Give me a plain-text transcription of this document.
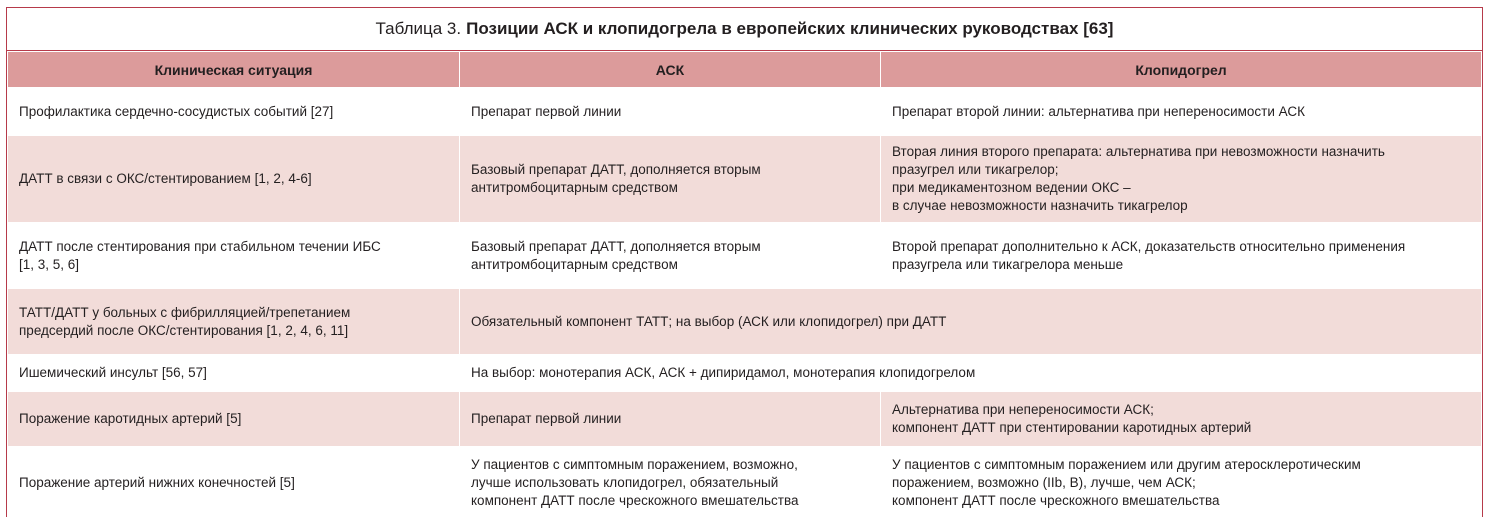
Таблица 3. Позиции АСК и клопидогрела в европейских клинических руководствах [63]
Клиническая ситуация	АСК	Клопидогрел

Профилактика сердечно-сосудистых событий [27]	Препарат первой линии	Препарат второй линии: альтернатива при непереносимости АСК

ДАТТ в связи с ОКС/стентированием [1, 2, 4-6]	Базовый препарат ДАТТ, дополняется вторым
антитромбоцитарным средством	Вторая линия второго препарата: альтернатива при невозможности назначить
празугрел или тикагрелор;
при медикаментозном ведении ОКС –
в случае невозможности назначить тикагрелор

ДАТТ после стентирования при стабильном течении ИБС
[1, 3, 5, 6]	Базовый препарат ДАТТ, дополняется вторым
антитромбоцитарным средством	Второй препарат дополнительно к АСК, доказательств относительно применения
празугрела или тикагрелора меньше

ТАТТ/ДАТТ у больных с фибрилляцией/трепетанием
предсердий после ОКС/стентирования [1, 2, 4, 6, 11]	Обязательный компонент ТАТТ; на выбор (АСК или клопидогрел) при ДАТТ	

Ишемический инсульт [56, 57]	На выбор: монотерапия АСК, АСК + дипиридамол, монотерапия клопидогрелом	

Поражение каротидных артерий [5]	Препарат первой линии	Альтернатива при непереносимости АСК;
компонент ДАТТ при стентировании каротидных артерий

Поражение артерий нижних конечностей [5]	У пациентов с симптомным поражением, возможно,
лучше использовать клопидогрел, обязательный
компонент ДАТТ после чрескожного вмешательства	У пациентов с симптомным поражением или другим атеросклеротическим
поражением, возможно (IIb, B), лучше, чем АСК;
компонент ДАТТ после чрескожного вмешательства
